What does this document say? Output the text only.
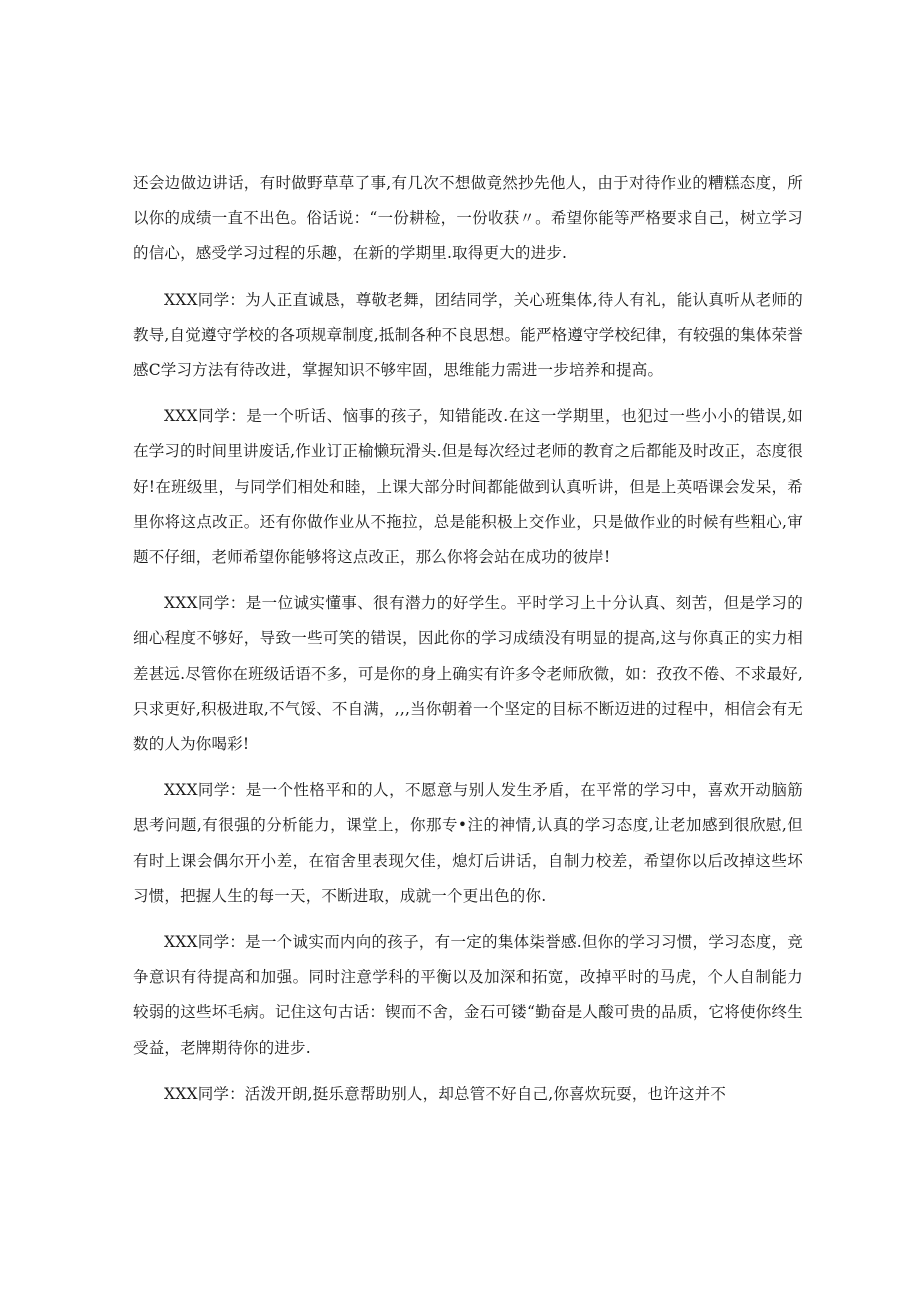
还会边做边讲话，有时做野草草了事,有几次不想做竟然抄先他人，由于对待作业的糟糕态度，所以你的成绩一直不出色。俗话说：“一份耕检，一份收获〃。希望你能等严格要求自己，树立学习的信心，感受学习过程的乐趣，在新的学期里.取得更大的进步.

XXX同学：为人正直诚恳，尊敬老舞，团结同学，关心班集体,待人有礼，能认真听从老师的教导,自觉遵守学校的各项规章制度,抵制各种不良思想。能严格遵守学校纪律，有较强的集体荣誉感C学习方法有待改进，掌握知识不够牢固，思维能力需进一步培养和提高。

XXX同学：是一个听话、恼事的孩子，知错能改.在这一学期里，也犯过一些小小的错误,如在学习的时间里讲废话,作业订正榆懒玩滑头.但是每次经过老师的教育之后都能及时改正，态度很好!在班级里，与同学们相处和睦，上课大部分时间都能做到认真听讲，但是上英唔课会发呆，希里你将这点改正。还有你做作业从不拖拉，总是能积极上交作业，只是做作业的时候有些粗心,审题不仔细，老师希望你能够将这点改正，那么你将会站在成功的彼岸!

XXX同学：是一位诚实懂事、很有潜力的好学生。平时学习上十分认真、刻苦，但是学习的细心程度不够好，导致一些可笑的错误，因此你的学习成绩没有明显的提高,这与你真正的实力相差甚远.尽管你在班级话语不多，可是你的身上确实有许多令老师欣微，如：孜孜不倦、不求最好,只求更好,积极进取,不气馁、不自满，,,,当你朝着一个坚定的目标不断迈进的过程中，相信会有无数的人为你喝彩!

XXX同学：是一个性格平和的人，不愿意与别人发生矛盾，在平常的学习中，喜欢开动脑筋思考问题,有很强的分析能力，课堂上，你那专•注的神情,认真的学习态度,让老加感到很欣慰,但有时上课会偶尔开小差，在宿舍里表现欠佳，熄灯后讲话，自制力校差，希望你以后改掉这些坏习惯，把握人生的每一天，不断进取，成就一个更出色的你.

XXX同学：是一个诚实而内向的孩子，有一定的集体柒誉感.但你的学习习惯，学习态度，竞争意识有待提高和加强。同时注意学科的平衡以及加深和拓宽，改掉平时的马虎，个人自制能力较弱的这些坏毛病。记住这句古话：锲而不舍，金石可镂“勤奋是人酸可贵的品质，它将使你终生受益，老牌期待你的进步.

XXX同学：活泼开朗,挺乐意帮助别人，却总管不好自己,你喜炊玩耍，也许这并不
